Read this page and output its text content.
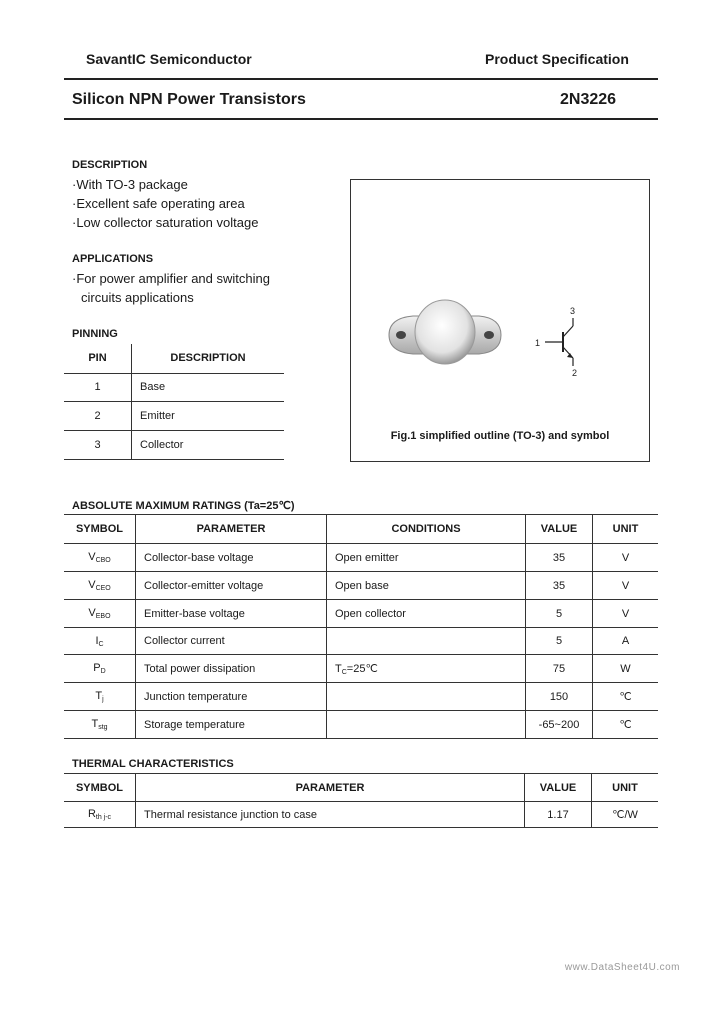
SavantIC Semiconductor	Product Specification
Silicon NPN Power Transistors	2N3226
DESCRIPTION
·With TO-3 package
·Excellent safe operating area
·Low collector saturation voltage
APPLICATIONS
·For power amplifier and switching
circuits applications
PINNING
PIN	DESCRIPTION
1	Base
2	Emitter
3	Collector
1
2
3
Fig.1 simplified outline (TO-3) and symbol
ABSOLUTE MAXIMUM RATINGS (Ta=25℃)
SYMBOL	PARAMETER	CONDITIONS	VALUE	UNIT
$V_{CBO}$	Collector-base voltage	Open emitter	35	V
$V_{CEO}$	Collector-emitter voltage	Open base	35	V
$V_{EBO}$	Emitter-base voltage	Open collector	5	V
$I_C$	Collector current		5	A
$P_D$	Total power dissipation	$T_C=25℃$	75	W
$T_j$	Junction temperature		150	℃
$T_{stg}$	Storage temperature		-65~200	℃
THERMAL CHARACTERISTICS
SYMBOL	PARAMETER	VALUE	UNIT
$R_{th j-c}$	Thermal resistance junction to case	1.17	℃/W
www.DataSheet4U.com
